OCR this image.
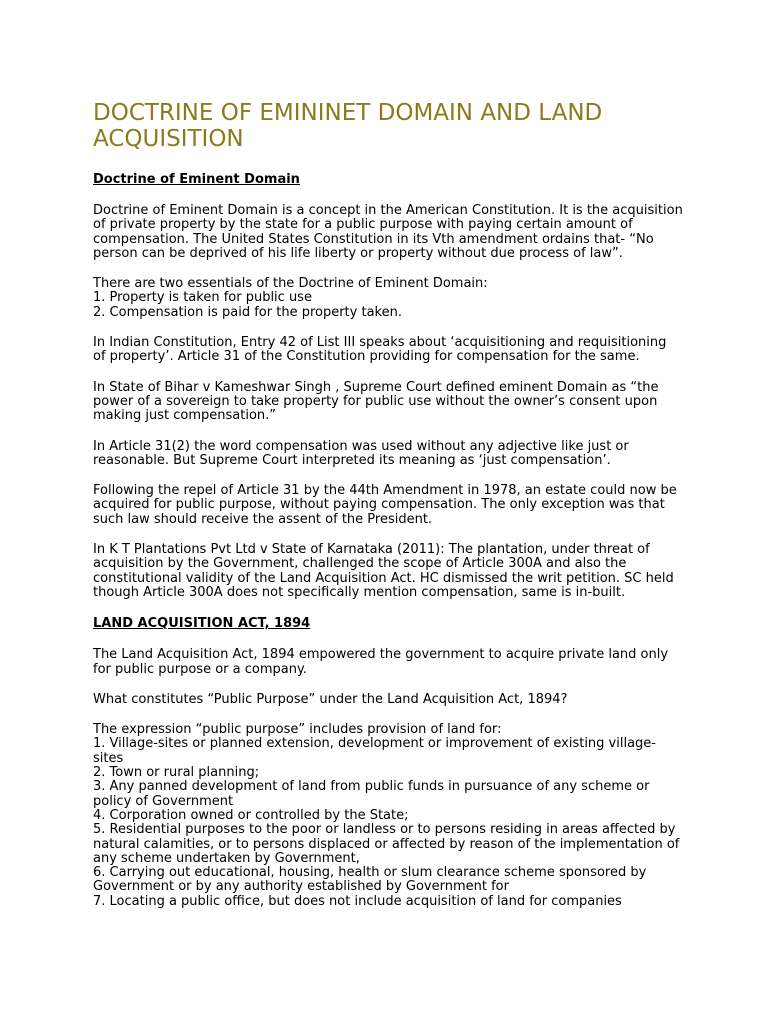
DOCTRINE OF EMININET DOMAIN AND LAND ACQUISITION
Doctrine of Eminent Domain

Doctrine of Eminent Domain is a concept in the American Constitution. It is the acquisition of private property by the state for a public purpose with paying certain amount of compensation. The United States Constitution in its Vth amendment ordains that- “No person can be deprived of his life liberty or property without due process of law”.

There are two essentials of the Doctrine of Eminent Domain:
1. Property is taken for public use
2. Compensation is paid for the property taken.

In Indian Constitution, Entry 42 of List III speaks about ‘acquisitioning and requisitioning of property’. Article 31 of the Constitution providing for compensation for the same.

In State of Bihar v Kameshwar Singh , Supreme Court defined eminent Domain as “the power of a sovereign to take property for public use without the owner’s consent upon making just compensation.”

In Article 31(2) the word compensation was used without any adjective like just or reasonable. But Supreme Court interpreted its meaning as ‘just compensation’.

Following the repel of Article 31 by the 44th Amendment in 1978, an estate could now be acquired for public purpose, without paying compensation. The only exception was that such law should receive the assent of the President.

In K T Plantations Pvt Ltd v State of Karnataka (2011): The plantation, under threat of acquisition by the Government, challenged the scope of Article 300A and also the constitutional validity of the Land Acquisition Act. HC dismissed the writ petition. SC held though Article 300A does not specifically mention compensation, same is in-built.

LAND ACQUISITION ACT, 1894

The Land Acquisition Act, 1894 empowered the government to acquire private land only for public purpose or a company.

What constitutes “Public Purpose” under the Land Acquisition Act, 1894?

The expression “public purpose” includes provision of land for:
1. Village-sites or planned extension, development or improvement of existing village-sites
2. Town or rural planning;
3. Any panned development of land from public funds in pursuance of any scheme or policy of Government
4. Corporation owned or controlled by the State;
5. Residential purposes to the poor or landless or to persons residing in areas affected by natural calamities, or to persons displaced or affected by reason of the implementation of any scheme undertaken by Government,
6. Carrying out educational, housing, health or slum clearance scheme sponsored by Government or by any authority established by Government for
7. Locating a public office, but does not include acquisition of land for companies
